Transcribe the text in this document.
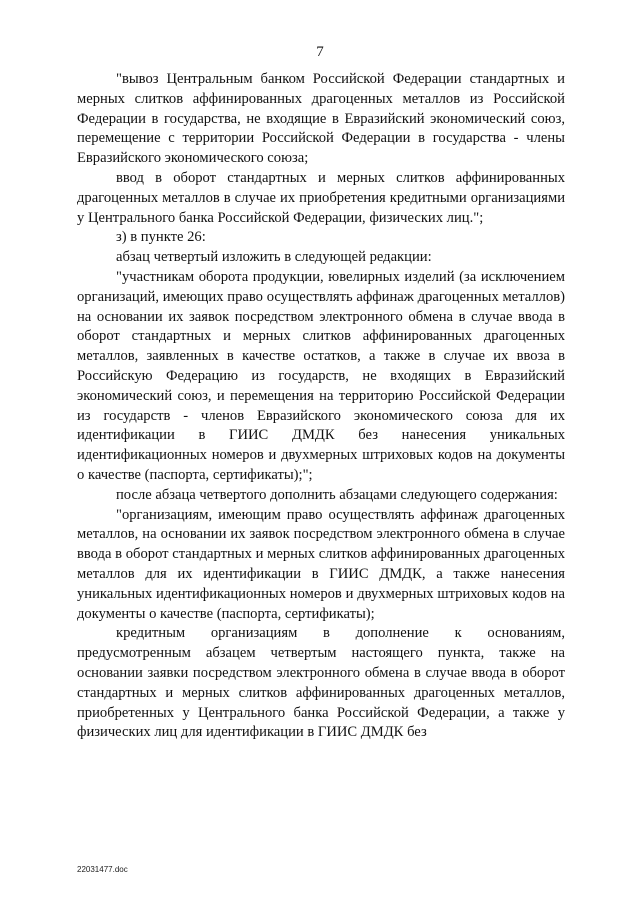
7

"вывоз Центральным банком Российской Федерации стандартных и мерных слитков аффинированных драгоценных металлов из Российской Федерации в государства, не входящие в Евразийский экономический союз, перемещение с территории Российской Федерации в государства - члены Евразийского экономического союза;

ввод в оборот стандартных и мерных слитков аффинированных драгоценных металлов в случае их приобретения кредитными организациями у Центрального банка Российской Федерации, физических лиц.";

з) в пункте 26:

абзац четвертый изложить в следующей редакции:

"участникам оборота продукции, ювелирных изделий (за исключением организаций, имеющих право осуществлять аффинаж драгоценных металлов) на основании их заявок посредством электронного обмена в случае ввода в оборот стандартных и мерных слитков аффинированных драгоценных металлов, заявленных в качестве остатков, а также в случае их ввоза в Российскую Федерацию из государств, не входящих в Евразийский экономический союз, и перемещения на территорию Российской Федерации из государств - членов Евразийского экономического союза для их идентификации в ГИИС ДМДК без нанесения уникальных идентификационных номеров и двухмерных штриховых кодов на документы о качестве (паспорта, сертификаты);";

после абзаца четвертого дополнить абзацами следующего содержания:

"организациям, имеющим право осуществлять аффинаж драгоценных металлов, на основании их заявок посредством электронного обмена в случае ввода в оборот стандартных и мерных слитков аффинированных драгоценных металлов для их идентификации в ГИИС ДМДК, а также нанесения уникальных идентификационных номеров и двухмерных штриховых кодов на документы о качестве (паспорта, сертификаты);

кредитным организациям в дополнение к основаниям, предусмотренным абзацем четвертым настоящего пункта, также на основании заявки посредством электронного обмена в случае ввода в оборот стандартных и мерных слитков аффинированных драгоценных металлов, приобретенных у Центрального банка Российской Федерации, а также у физических лиц для идентификации в ГИИС ДМДК без

22031477.doc
